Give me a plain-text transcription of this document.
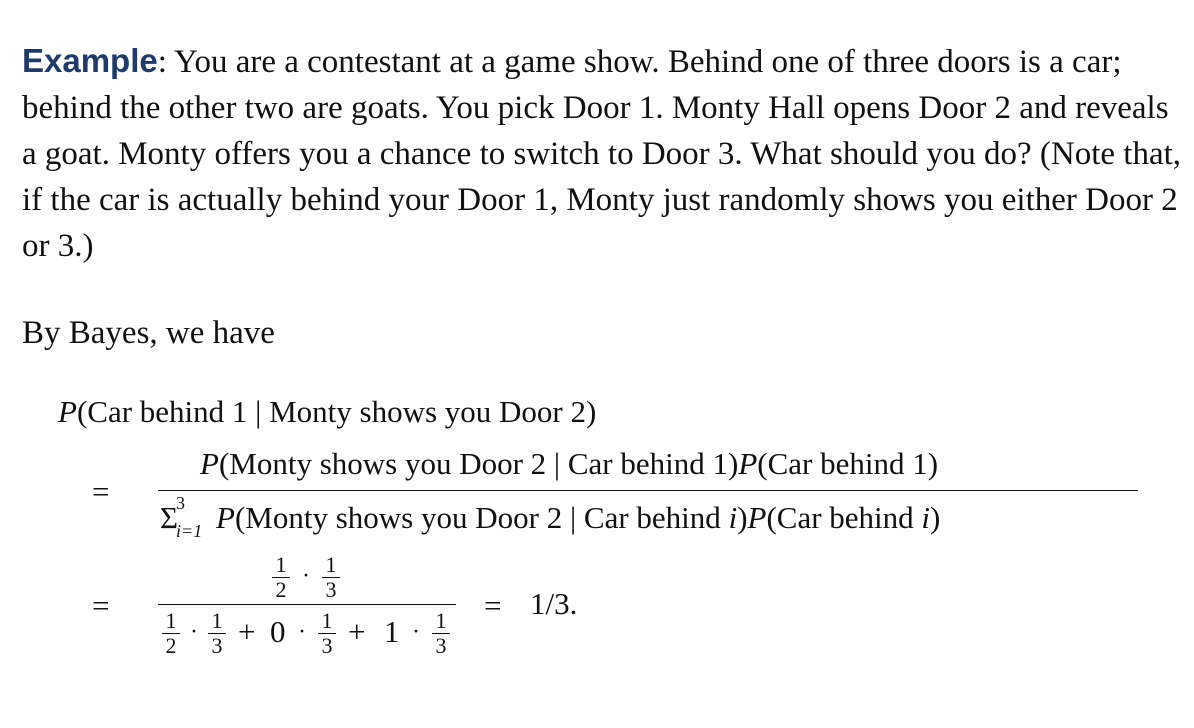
Example: You are a contestant at a game show. Behind one of three doors is a car; behind the other two are goats. You pick Door 1. Monty Hall opens Door 2 and reveals a goat. Monty offers you a chance to switch to Door 3. What should you do? (Note that, if the car is actually behind your Door 1, Monty just randomly shows you either Door 2 or 3.)
By Bayes, we have
P(Car behind 1 | Monty shows you Door 2)
=
P(Monty shows you Door 2 | Car behind 1)P(Car behind 1)
Σ
3
i=1 P(Monty shows you Door 2 | Car behind i)P(Car behind i)
=
1
2
· 1
3
1
2
· 1
3 + 0 · 1
3 + 1 · 1
3
= 1/3.
